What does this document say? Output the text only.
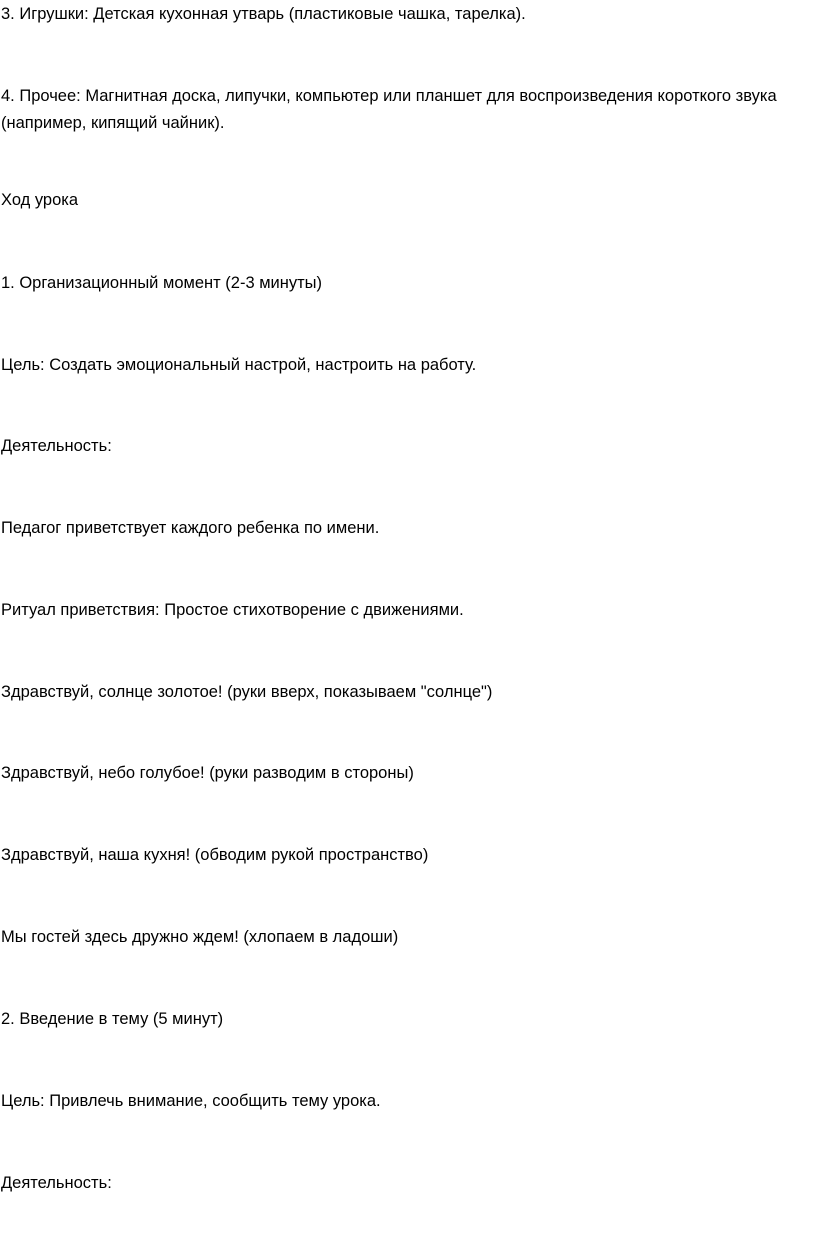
3. Игрушки: Детская кухонная утварь (пластиковые чашка, тарелка).

4. Прочее: Магнитная доска, липучки, компьютер или планшет для воспроизведения короткого звука (например, кипящий чайник).

Ход урока

1. Организационный момент (2-3 минуты)

Цель: Создать эмоциональный настрой, настроить на работу.

Деятельность:

Педагог приветствует каждого ребенка по имени.

Ритуал приветствия: Простое стихотворение с движениями.

Здравствуй, солнце золотое! (руки вверх, показываем "солнце")

Здравствуй, небо голубое! (руки разводим в стороны)

Здравствуй, наша кухня! (обводим рукой пространство)

Мы гостей здесь дружно ждем! (хлопаем в ладоши)

2. Введение в тему (5 минут)

Цель: Привлечь внимание, сообщить тему урока.

Деятельность:
